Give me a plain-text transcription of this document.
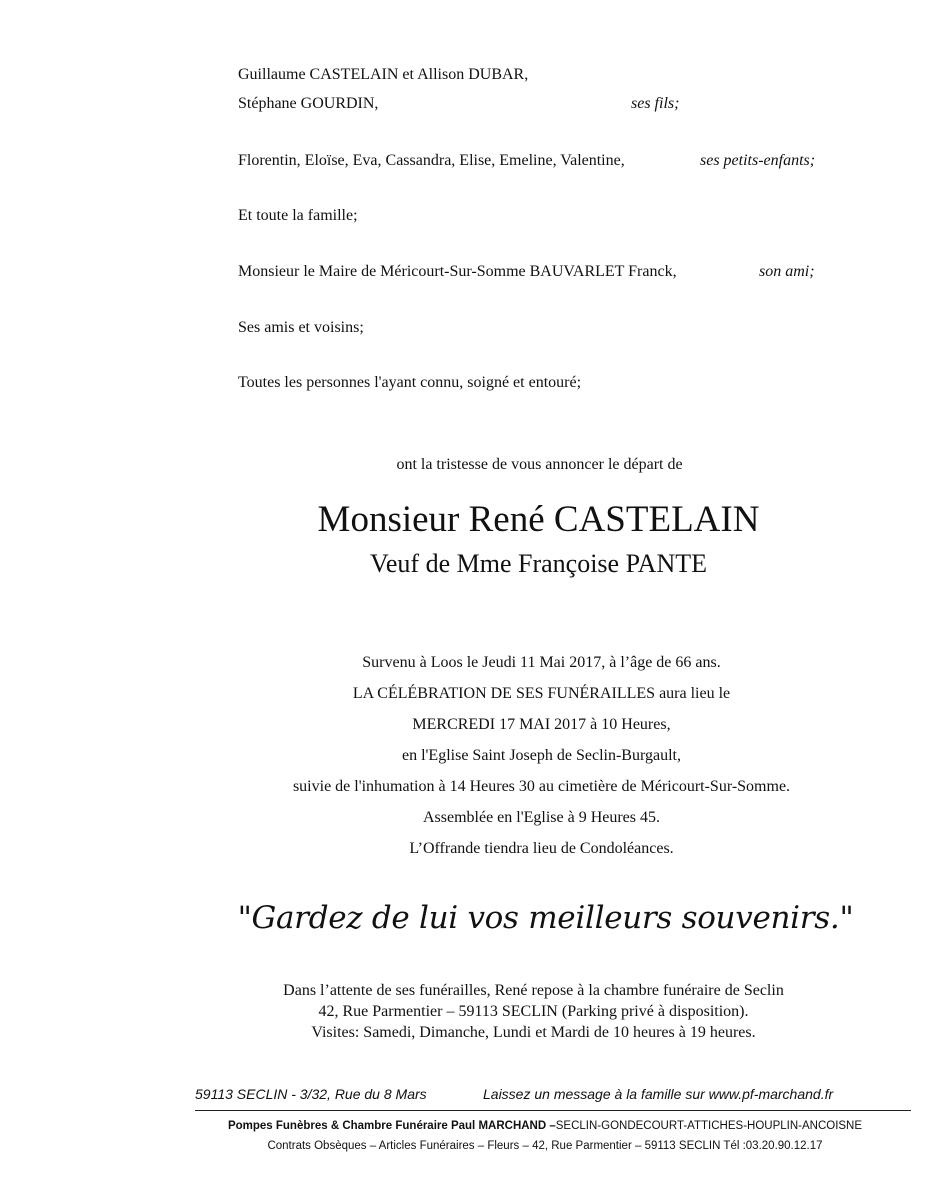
Guillaume CASTELAIN et Allison DUBAR,
Stéphane GOURDIN,	ses fils;
Florentin, Eloïse, Eva, Cassandra, Elise, Emeline, Valentine,	ses petits-enfants;
Et toute la famille;
Monsieur le Maire de Méricourt-Sur-Somme BAUVARLET Franck,	son ami;
Ses amis et voisins;
Toutes les personnes l'ayant connu, soigné et entouré;
ont la tristesse de vous annoncer le départ de
Monsieur René CASTELAIN
Veuf de Mme Françoise PANTE
Survenu à Loos le Jeudi 11 Mai 2017, à l’âge de 66 ans.
LA CÉLÉBRATION DE SES FUNÉRAILLES aura lieu le
MERCREDI 17 MAI 2017 à 10 Heures,
en l'Eglise Saint Joseph de Seclin-Burgault,
suivie de l'inhumation à 14 Heures 30 au cimetière de Méricourt-Sur-Somme.
Assemblée en l'Eglise à 9 Heures 45.
L’Offrande tiendra lieu de Condoléances.
"Gardez de lui vos meilleurs souvenirs."
Dans l’attente de ses funérailles, René repose à la chambre funéraire de Seclin
42, Rue Parmentier – 59113 SECLIN (Parking privé à disposition).
Visites: Samedi, Dimanche, Lundi et Mardi de 10 heures à 19 heures.
59113 SECLIN - 3/32, Rue du 8 Mars	Laissez un message à la famille sur www.pf-marchand.fr
Pompes Funèbres & Chambre Funéraire Paul MARCHAND –SECLIN-GONDECOURT-ATTICHES-HOUPLIN-ANCOISNE
Contrats Obsèques – Articles Funéraires – Fleurs – 42, Rue Parmentier – 59113 SECLIN Tél :03.20.90.12.17
